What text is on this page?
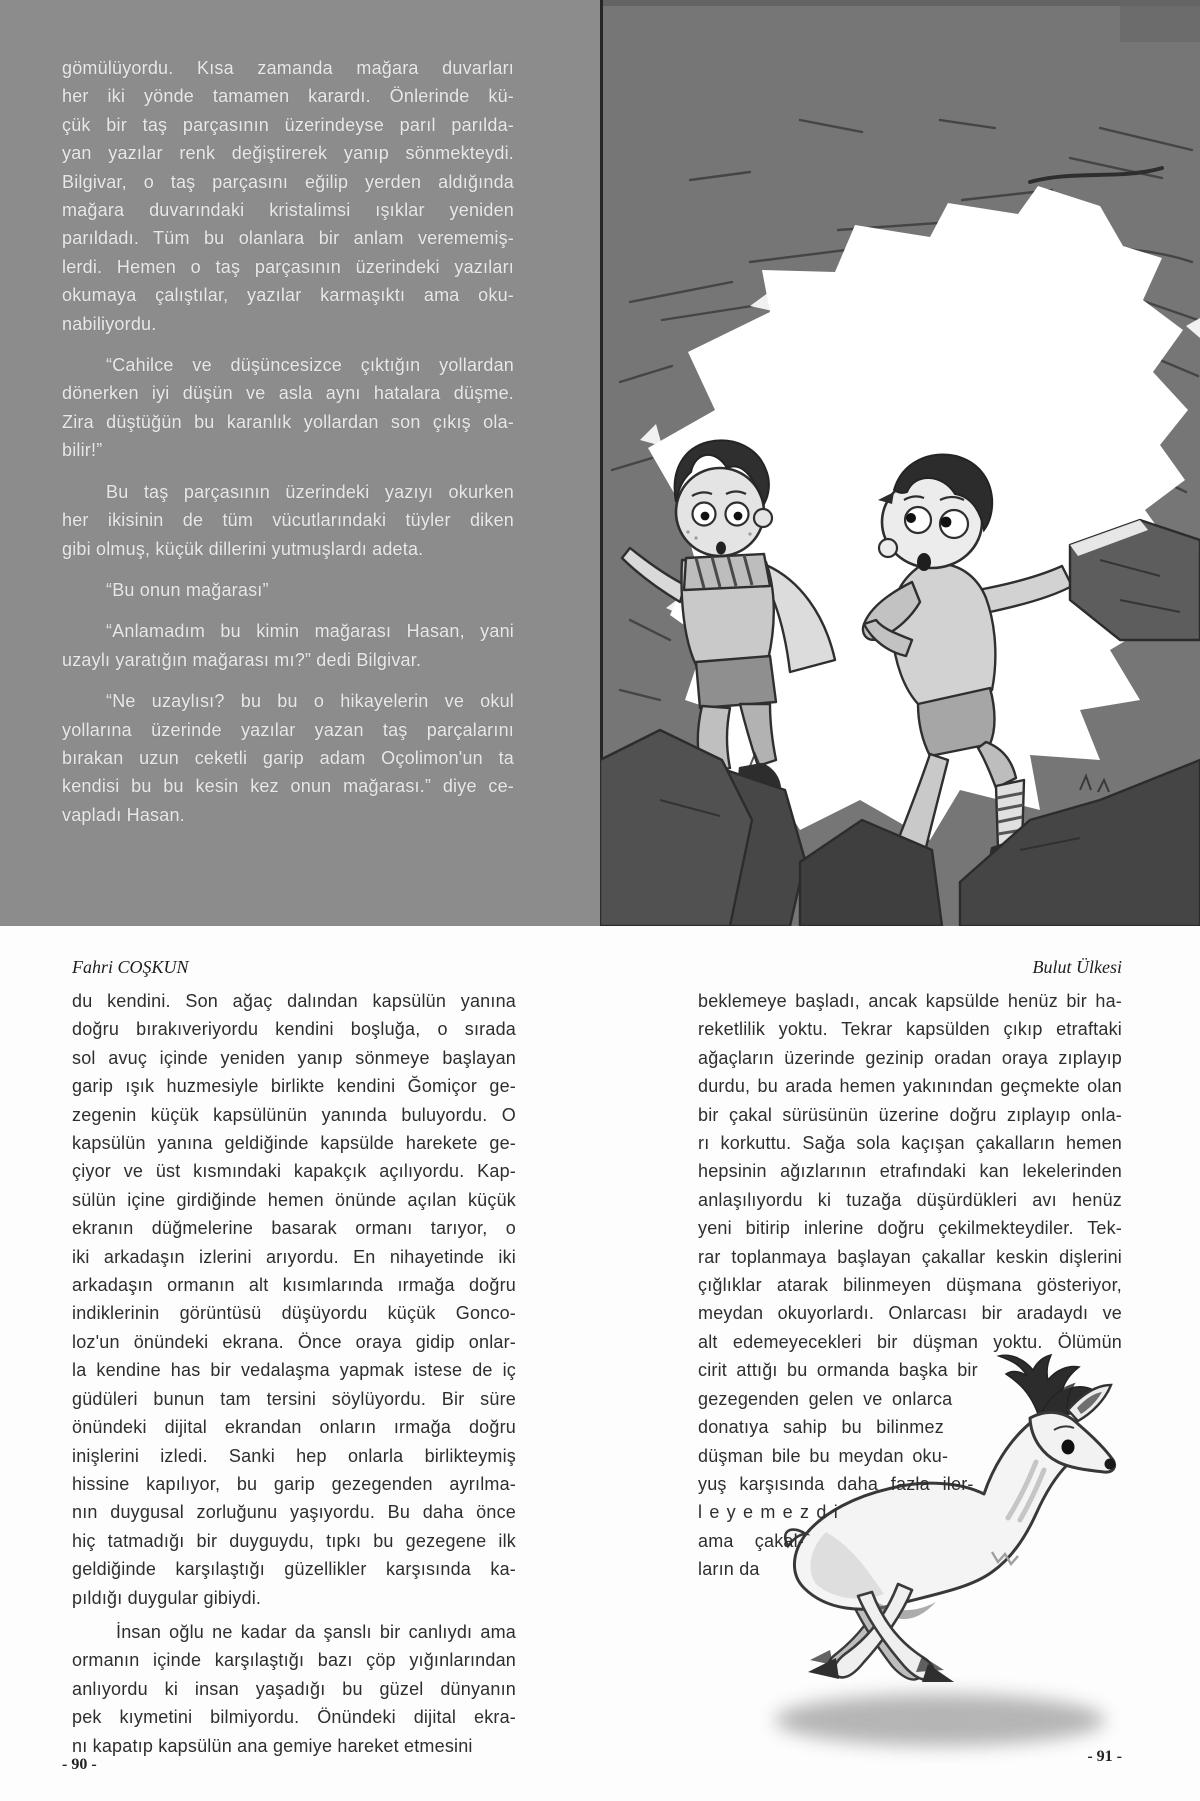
gömülüyordu. Kısa zamanda mağara duvarları
her iki yönde tamamen karardı. Önlerinde kü-
çük bir taş parçasının üzerindeyse parıl parılda-
yan yazılar renk değiştirerek yanıp sönmekteydi.
Bilgivar, o taş parçasını eğilip yerden aldığında
mağara duvarındaki kristalimsi ışıklar yeniden
parıldadı. Tüm bu olanlara bir anlam verememiş-
lerdi. Hemen o taş parçasının üzerindeki yazıları
okumaya çalıştılar, yazılar karmaşıktı ama oku-
nabiliyordu.
“Cahilce ve düşüncesizce çıktığın yollardan
dönerken iyi düşün ve asla aynı hatalara düşme.
Zira düştüğün bu karanlık yollardan son çıkış ola-
bilir!”
Bu taş parçasının üzerindeki yazıyı okurken
her ikisinin de tüm vücutlarındaki tüyler diken
gibi olmuş, küçük dillerini yutmuşlardı adeta.
“Bu onun mağarası”
“Anlamadım bu kimin mağarası Hasan, yani
uzaylı yaratığın mağarası mı?” dedi Bilgivar.
“Ne uzaylısı? bu bu o hikayelerin ve okul
yollarına üzerinde yazılar yazan taş parçalarını
bırakan uzun ceketli garip adam Oçolimon'un ta
kendisi bu bu kesin kez onun mağarası.” diye ce-
vapladı Hasan.
Fahri COŞKUN
du kendini. Son ağaç dalından kapsülün yanına
doğru bırakıveriyordu kendini boşluğa, o sırada
sol avuç içinde yeniden yanıp sönmeye başlayan
garip ışık huzmesiyle birlikte kendini Ğomiçor ge-
zegenin küçük kapsülünün yanında buluyordu. O
kapsülün yanına geldiğinde kapsülde harekete ge-
çiyor ve üst kısmındaki kapakçık açılıyordu. Kap-
sülün içine girdiğinde hemen önünde açılan küçük
ekranın düğmelerine basarak ormanı tarıyor, o
iki arkadaşın izlerini arıyordu. En nihayetinde iki
arkadaşın ormanın alt kısımlarında ırmağa doğru
indiklerinin görüntüsü düşüyordu küçük Gonco-
loz'un önündeki ekrana. Önce oraya gidip onlar-
la kendine has bir vedalaşma yapmak istese de iç
güdüleri bunun tam tersini söylüyordu. Bir süre
önündeki dijital ekrandan onların ırmağa doğru
inişlerini izledi. Sanki hep onlarla birlikteymiş
hissine kapılıyor, bu garip gezegenden ayrılma-
nın duygusal zorluğunu yaşıyordu. Bu daha önce
hiç tatmadığı bir duyguydu, tıpkı bu gezegene ilk
geldiğinde karşılaştığı güzellikler karşısında ka-
pıldığı duygular gibiydi.
İnsan oğlu ne kadar da şanslı bir canlıydı ama
ormanın içinde karşılaştığı bazı çöp yığınlarından
anlıyordu ki insan yaşadığı bu güzel dünyanın
pek kıymetini bilmiyordu. Önündeki dijital ekra-
nı kapatıp kapsülün ana gemiye hareket etmesini
Bulut Ülkesi
beklemeye başladı, ancak kapsülde henüz bir ha-
reketlilik yoktu. Tekrar kapsülden çıkıp etraftaki
ağaçların üzerinde gezinip oradan oraya zıplayıp
durdu, bu arada hemen yakınından geçmekte olan
bir çakal sürüsünün üzerine doğru zıplayıp onla-
rı korkuttu. Sağa sola kaçışan çakalların hemen
hepsinin ağızlarının etrafındaki kan lekelerinden
anlaşılıyordu ki tuzağa düşürdükleri avı henüz
yeni bitirip inlerine doğru çekilmekteydiler. Tek-
rar toplanmaya başlayan çakallar keskin dişlerini
çığlıklar atarak bilinmeyen düşmana gösteriyor,
meydan okuyorlardı. Onlarcası bir aradaydı ve
alt edemeyecekleri bir düşman yoktu. Ölümün
cirit attığı bu ormanda başka bir
gezegenden gelen ve onlarca
donatıya sahip bu bilinmez
düşman bile bu meydan oku-
yuş karşısında daha fazla iler-
l e y e m e z d i
ama çakal-
ların da
- 90 -	- 91 -
